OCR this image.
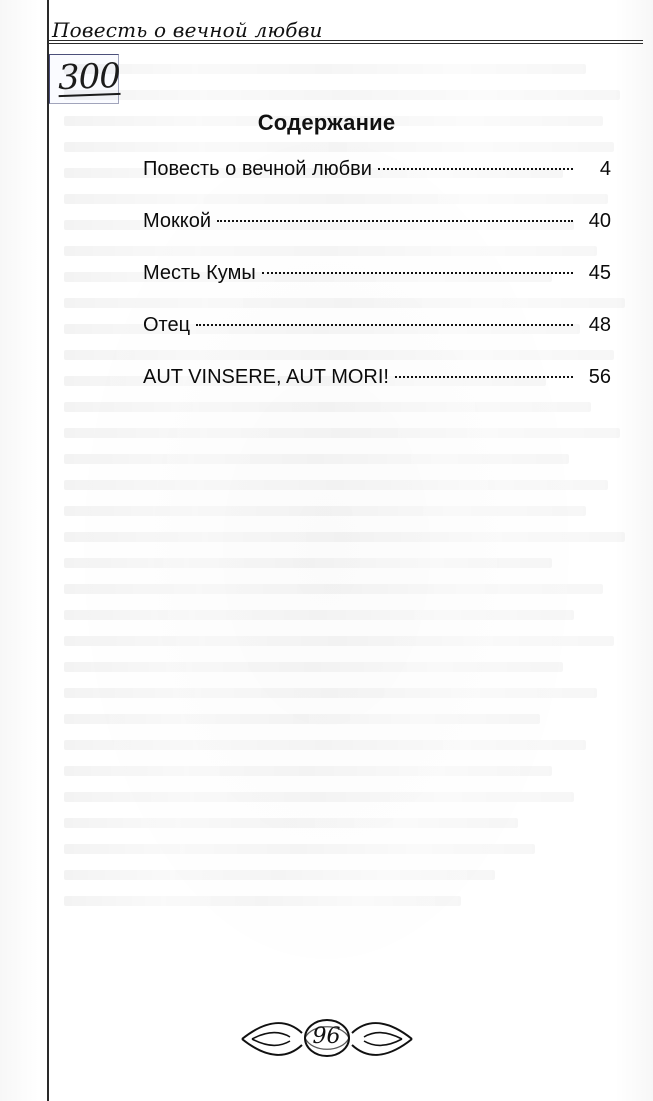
Повесть о вечной любви
300
Содержание
Повесть о вечной любви	4
Моккой	40
Месть Кумы	45
Отец	48
AUT VINSERE, AUT MORI!	56
96
